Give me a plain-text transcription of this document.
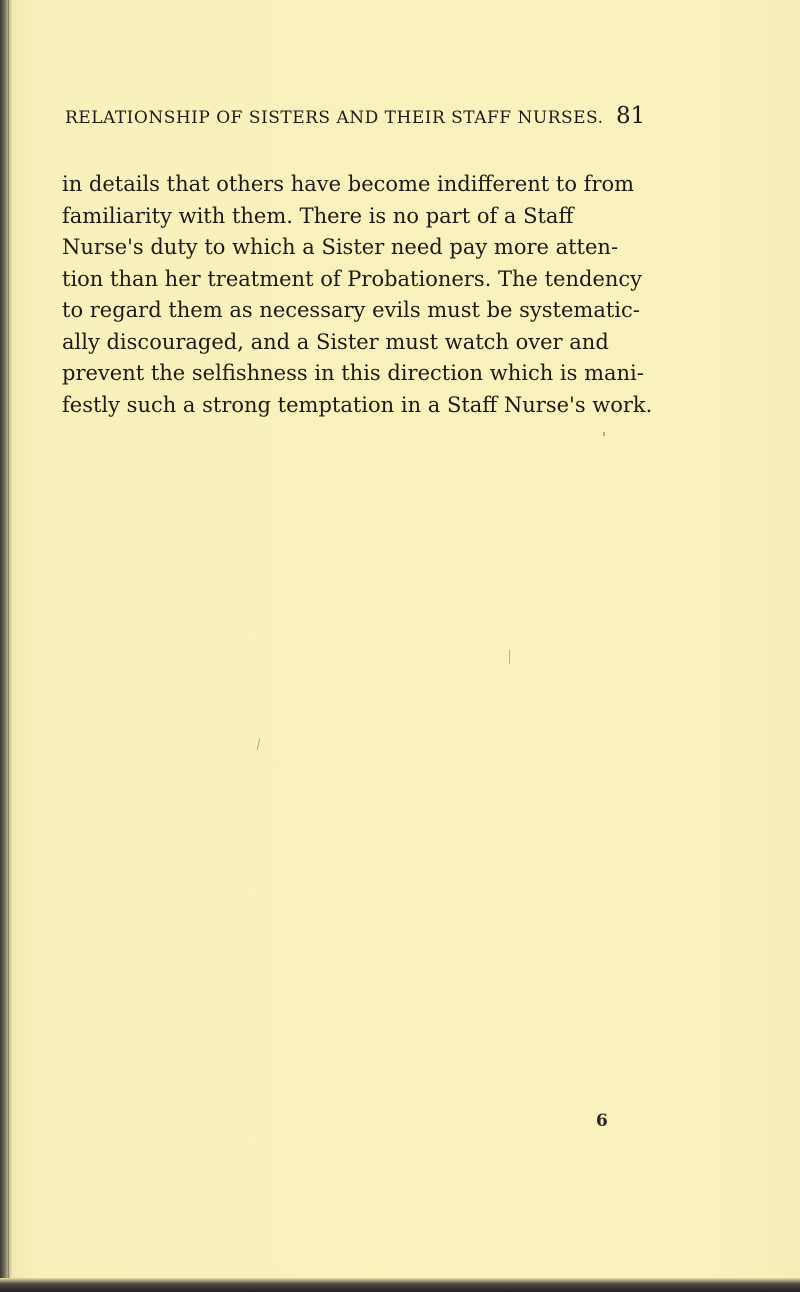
RELATIONSHIP OF SISTERS AND THEIR STAFF NURSES. 81
in details that others have become indifferent to from
familiarity with them. There is no part of a Staff
Nurse's duty to which a Sister need pay more atten-
tion than her treatment of Probationers. The tendency
to regard them as necessary evils must be systematic-
ally discouraged, and a Sister must watch over and
prevent the selfishness in this direction which is mani-
festly such a strong temptation in a Staff Nurse's work.
6
